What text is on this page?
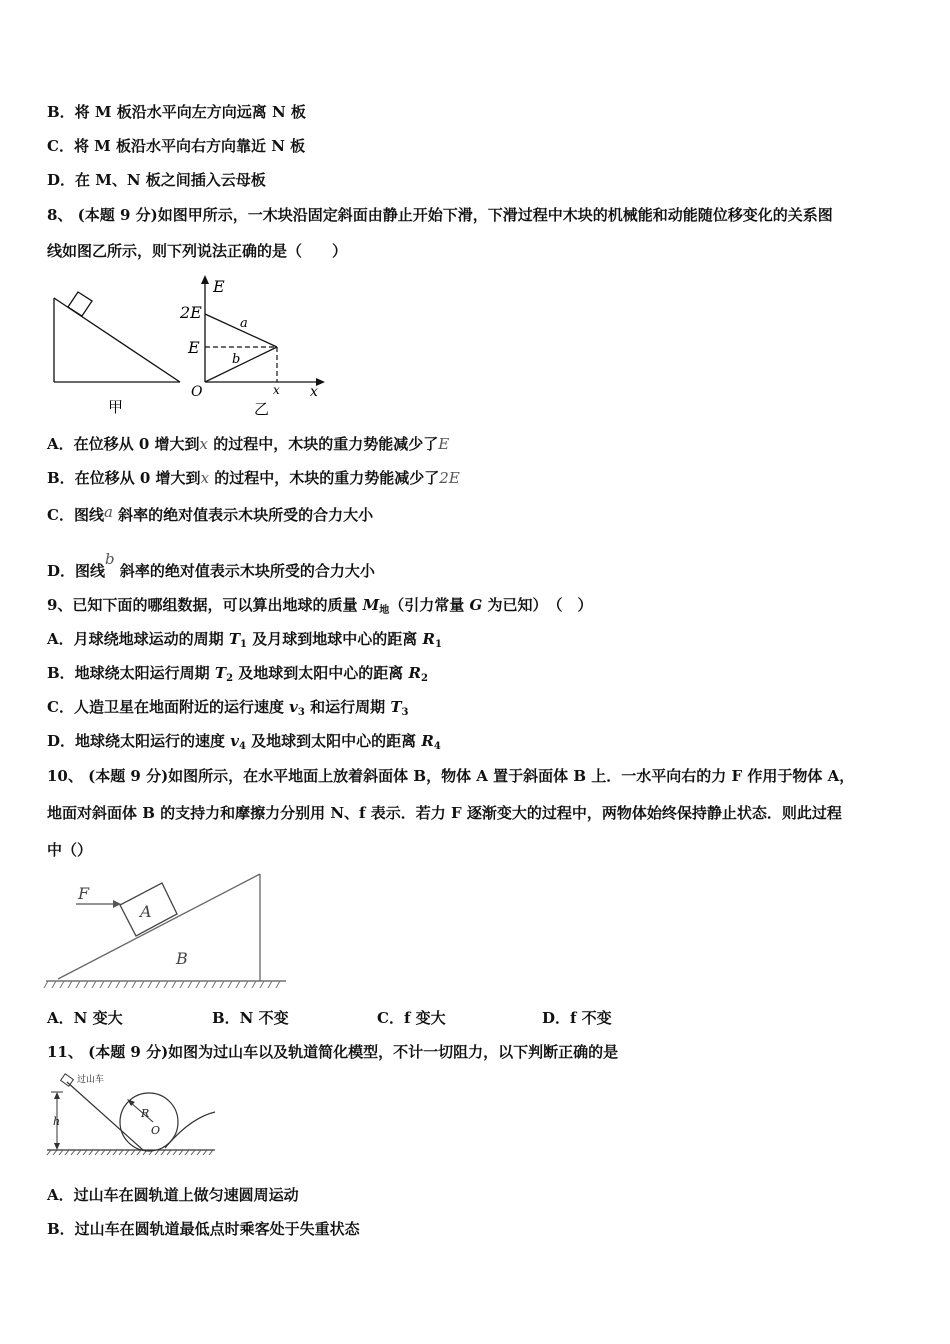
B．将 M 板沿水平向左方向远离 N 板
C．将 M 板沿水平向右方向靠近 N 板
D．在 M、N 板之间插入云母板
8、 (本题 9 分)如图甲所示，一木块沿固定斜面由静止开始下滑，下滑过程中木块的机械能和动能随位移变化的关系图
线如图乙所示，则下列说法正确的是（　　）
甲
E
2E
E
O	x x
a
b
乙
A．在位移从 0 增大到x 的过程中，木块的重力势能减少了E
B．在位移从 0 增大到x 的过程中，木块的重力势能减少了2E
C．图线a 斜率的绝对值表示木块所受的合力大小
D．图线b 斜率的绝对值表示木块所受的合力大小
9、已知下面的哪组数据，可以算出地球的质量 $M_地$（引力常量 G 为已知）　（　）
A．月球绕地球运动的周期 $T_1$ 及月球到地球中心的距离 $R_1$
B．地球绕太阳运行周期 $T_2$ 及地球到太阳中心的距离 $R_2$
C．人造卫星在地面附近的运行速度 $v_3$ 和运行周期 $T_3$
D．地球绕太阳运行的速度 $v_4$ 及地球到太阳中心的距离 $R_4$
10、 (本题 9 分)如图所示，在水平地面上放着斜面体 B，物体 A 置于斜面体 B 上．一水平向右的力 F 作用于物体 A，
地面对斜面体 B 的支持力和摩擦力分别用 N、f 表示．若力 F 逐渐变大的过程中，两物体始终保持静止状态．则此过程
中（）
F
A
B
A．N 变大	B．N 不变	C．f 变大	D．f 不变
11、 (本题 9 分)如图为过山车以及轨道简化模型，不计一切阻力，以下判断正确的是
过山车
h
R
O
A．过山车在圆轨道上做匀速圆周运动
B．过山车在圆轨道最低点时乘客处于失重状态
